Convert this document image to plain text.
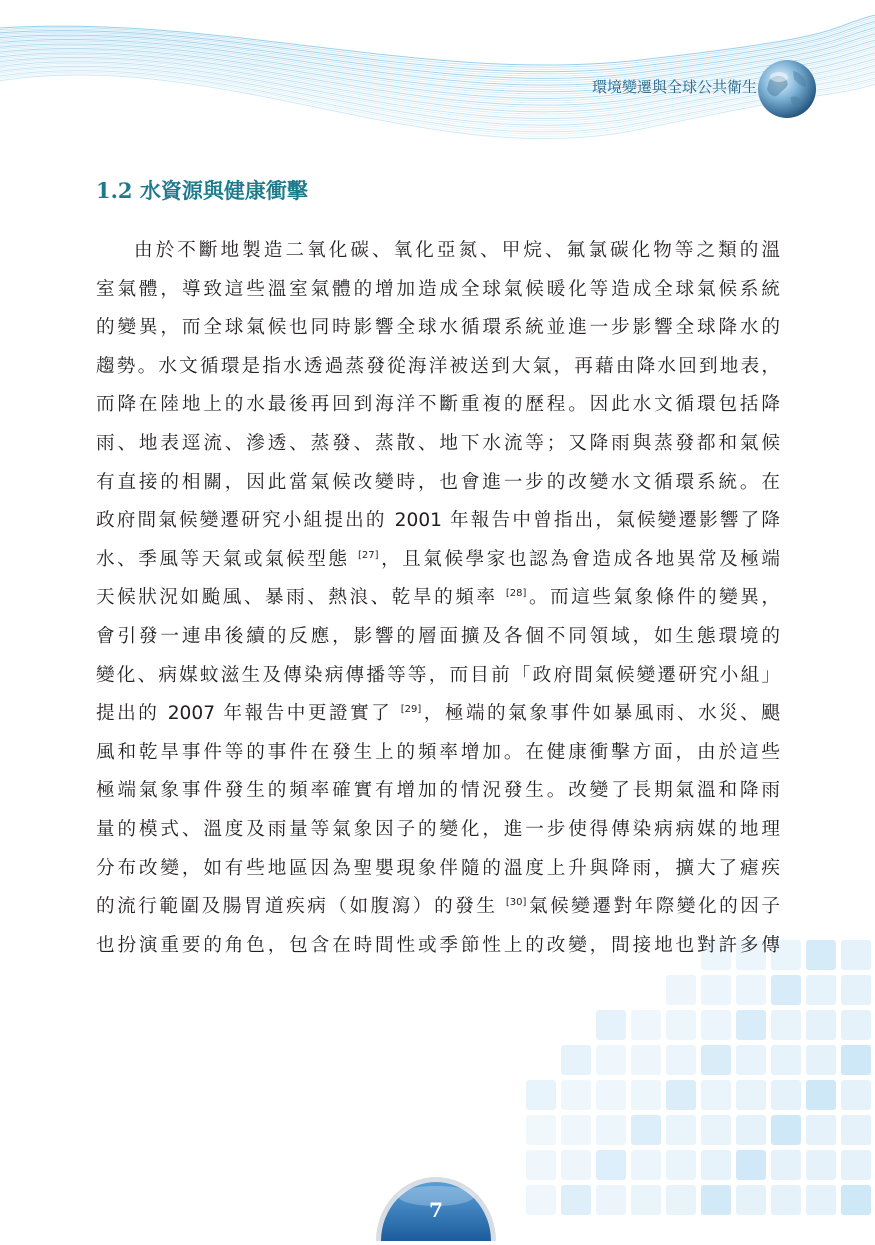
環境變遷與全球公共衛生
1.2 水資源與健康衝擊
由於不斷地製造二氧化碳、氧化亞氮、甲烷、氟氯碳化物等之類的溫
室氣體，導致這些溫室氣體的增加造成全球氣候暖化等造成全球氣候系統
的變異，而全球氣候也同時影響全球水循環系統並進一步影響全球降水的
趨勢。水文循環是指水透過蒸發從海洋被送到大氣，再藉由降水回到地表，
而降在陸地上的水最後再回到海洋不斷重複的歷程。因此水文循環包括降
雨、地表逕流、滲透、蒸發、蒸散、地下水流等；又降雨與蒸發都和氣候
有直接的相關，因此當氣候改變時，也會進一步的改變水文循環系統。在
政府間氣候變遷研究小組提出的 2001 年報告中曾指出，氣候變遷影響了降
水、季風等天氣或氣候型態 [27]，且氣候學家也認為會造成各地異常及極端
天候狀況如颱風、暴雨、熱浪、乾旱的頻率 [28]。而這些氣象條件的變異，
會引發一連串後續的反應，影響的層面擴及各個不同領域，如生態環境的
變化、病媒蚊滋生及傳染病傳播等等，而目前「政府間氣候變遷研究小組」
提出的 2007 年報告中更證實了 [29]，極端的氣象事件如暴風雨、水災、颶
風和乾旱事件等的事件在發生上的頻率增加。在健康衝擊方面，由於這些
極端氣象事件發生的頻率確實有增加的情況發生。改變了長期氣溫和降雨
量的模式、溫度及雨量等氣象因子的變化，進一步使得傳染病病媒的地理
分布改變，如有些地區因為聖嬰現象伴隨的溫度上升與降雨，擴大了瘧疾
的流行範圍及腸胃道疾病（如腹瀉）的發生 [30]氣候變遷對年際變化的因子
也扮演重要的角色，包含在時間性或季節性上的改變，間接地也對許多傳
7
